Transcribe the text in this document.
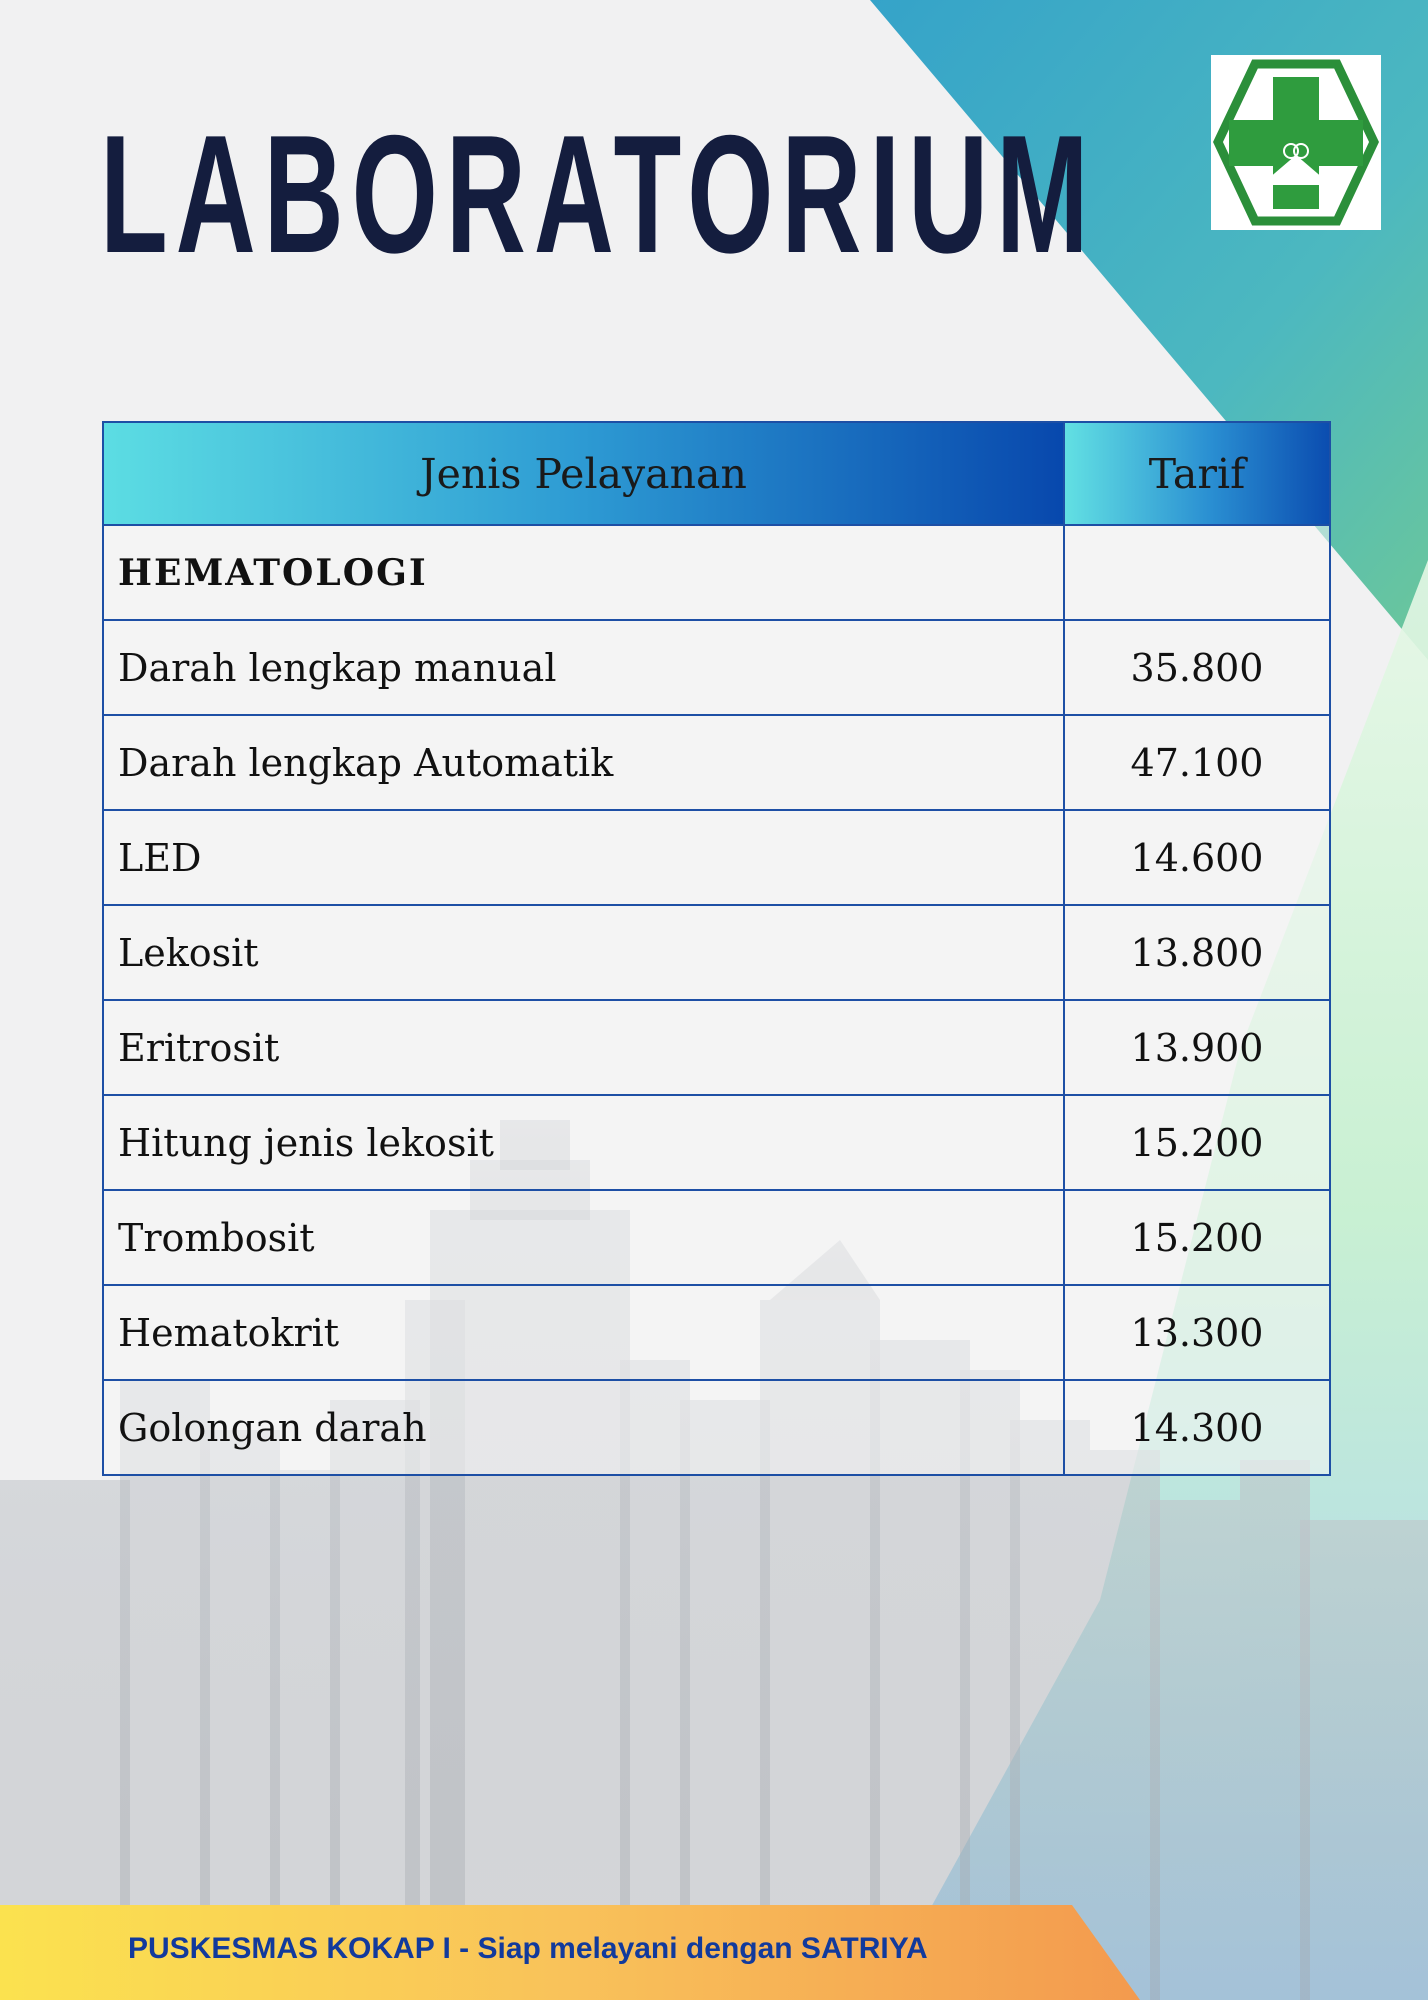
LABORATORIUM
Jenis Pelayanan	Tarif
HEMATOLOGI	
Darah lengkap manual	35.800
Darah lengkap Automatik	47.100
LED	14.600
Lekosit	13.800
Eritrosit	13.900
Hitung jenis lekosit	15.200
Trombosit	15.200
Hematokrit	13.300
Golongan darah	14.300
PUSKESMAS KOKAP I - Siap melayani dengan SATRIYA
